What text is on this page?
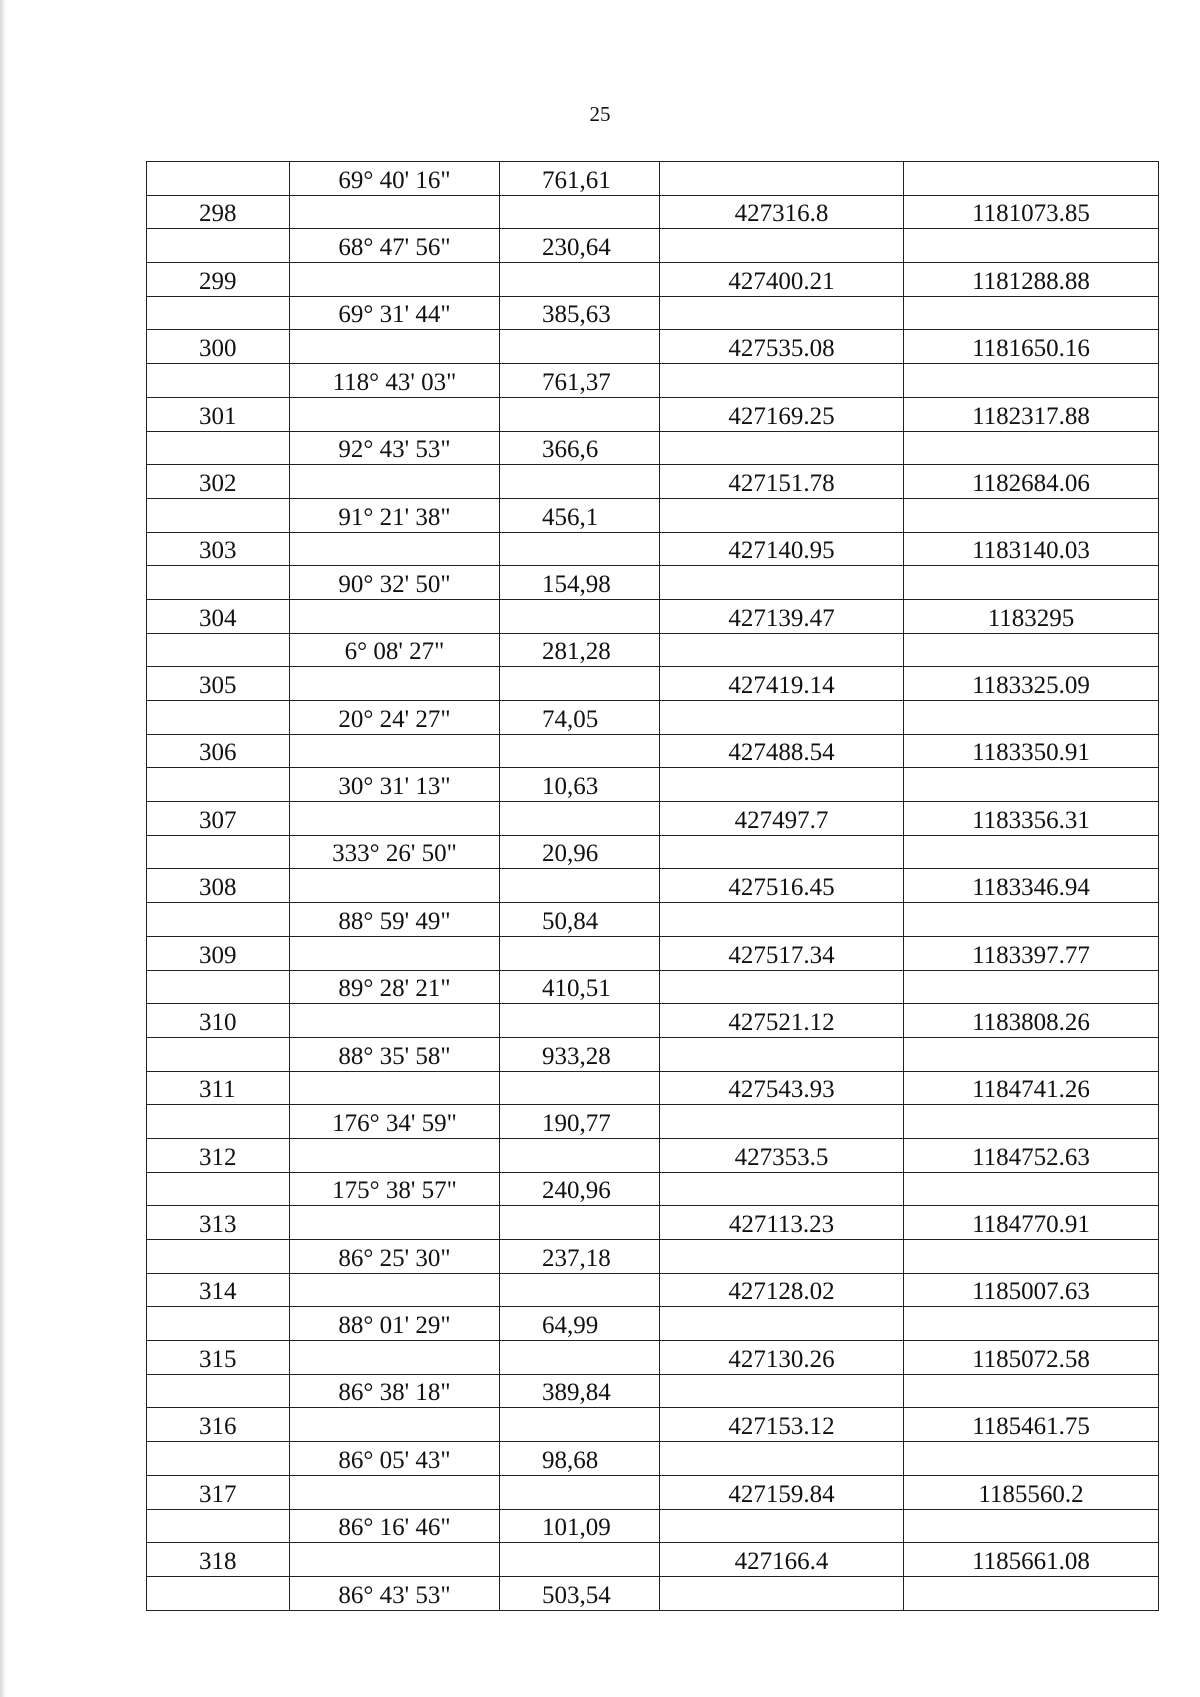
25
	69° 40' 16"	761,61		
298			427316.8	1181073.85
	68° 47' 56"	230,64		
299			427400.21	1181288.88
	69° 31' 44"	385,63		
300			427535.08	1181650.16
	118° 43' 03"	761,37		
301			427169.25	1182317.88
	92° 43' 53"	366,6		
302			427151.78	1182684.06
	91° 21' 38"	456,1		
303			427140.95	1183140.03
	90° 32' 50"	154,98		
304			427139.47	1183295
	6° 08' 27"	281,28		
305			427419.14	1183325.09
	20° 24' 27"	74,05		
306			427488.54	1183350.91
	30° 31' 13"	10,63		
307			427497.7	1183356.31
	333° 26' 50"	20,96		
308			427516.45	1183346.94
	88° 59' 49"	50,84		
309			427517.34	1183397.77
	89° 28' 21"	410,51		
310			427521.12	1183808.26
	88° 35' 58"	933,28		
311			427543.93	1184741.26
	176° 34' 59"	190,77		
312			427353.5	1184752.63
	175° 38' 57"	240,96		
313			427113.23	1184770.91
	86° 25' 30"	237,18		
314			427128.02	1185007.63
	88° 01' 29"	64,99		
315			427130.26	1185072.58
	86° 38' 18"	389,84		
316			427153.12	1185461.75
	86° 05' 43"	98,68		
317			427159.84	1185560.2
	86° 16' 46"	101,09		
318			427166.4	1185661.08
	86° 43' 53"	503,54		
